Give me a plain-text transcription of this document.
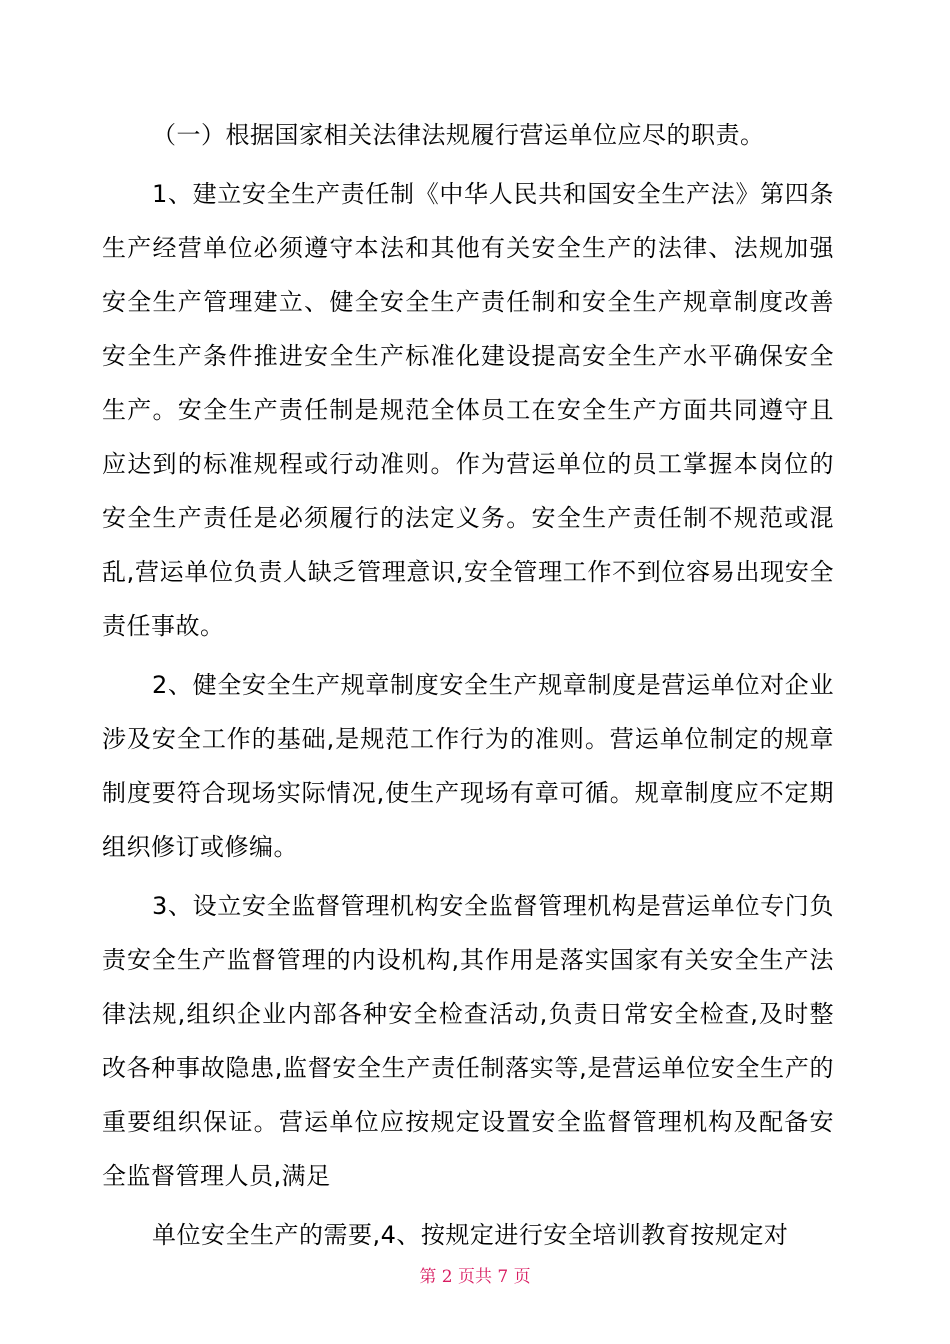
（一）根据国家相关法律法规履行营运单位应尽的职责。

1、建立安全生产责任制《中华人民共和国安全生产法》第四条生产经营单位必须遵守本法和其他有关安全生产的法律、法规加强安全生产管理建立、健全安全生产责任制和安全生产规章制度改善安全生产条件推进安全生产标准化建设提高安全生产水平确保安全生产。安全生产责任制是规范全体员工在安全生产方面共同遵守且应达到的标准规程或行动准则。作为营运单位的员工掌握本岗位的安全生产责任是必须履行的法定义务。安全生产责任制不规范或混乱,营运单位负责人缺乏管理意识,安全管理工作不到位容易出现安全责任事故。

2、健全安全生产规章制度安全生产规章制度是营运单位对企业涉及安全工作的基础,是规范工作行为的准则。营运单位制定的规章制度要符合现场实际情况,使生产现场有章可循。规章制度应不定期组织修订或修编。

3、设立安全监督管理机构安全监督管理机构是营运单位专门负责安全生产监督管理的内设机构,其作用是落实国家有关安全生产法律法规,组织企业内部各种安全检查活动,负责日常安全检查,及时整改各种事故隐患,监督安全生产责任制落实等,是营运单位安全生产的重要组织保证。营运单位应按规定设置安全监督管理机构及配备安全监督管理人员,满足

单位安全生产的需要,4、按规定进行安全培训教育按规定对

第 2 页共 7 页
